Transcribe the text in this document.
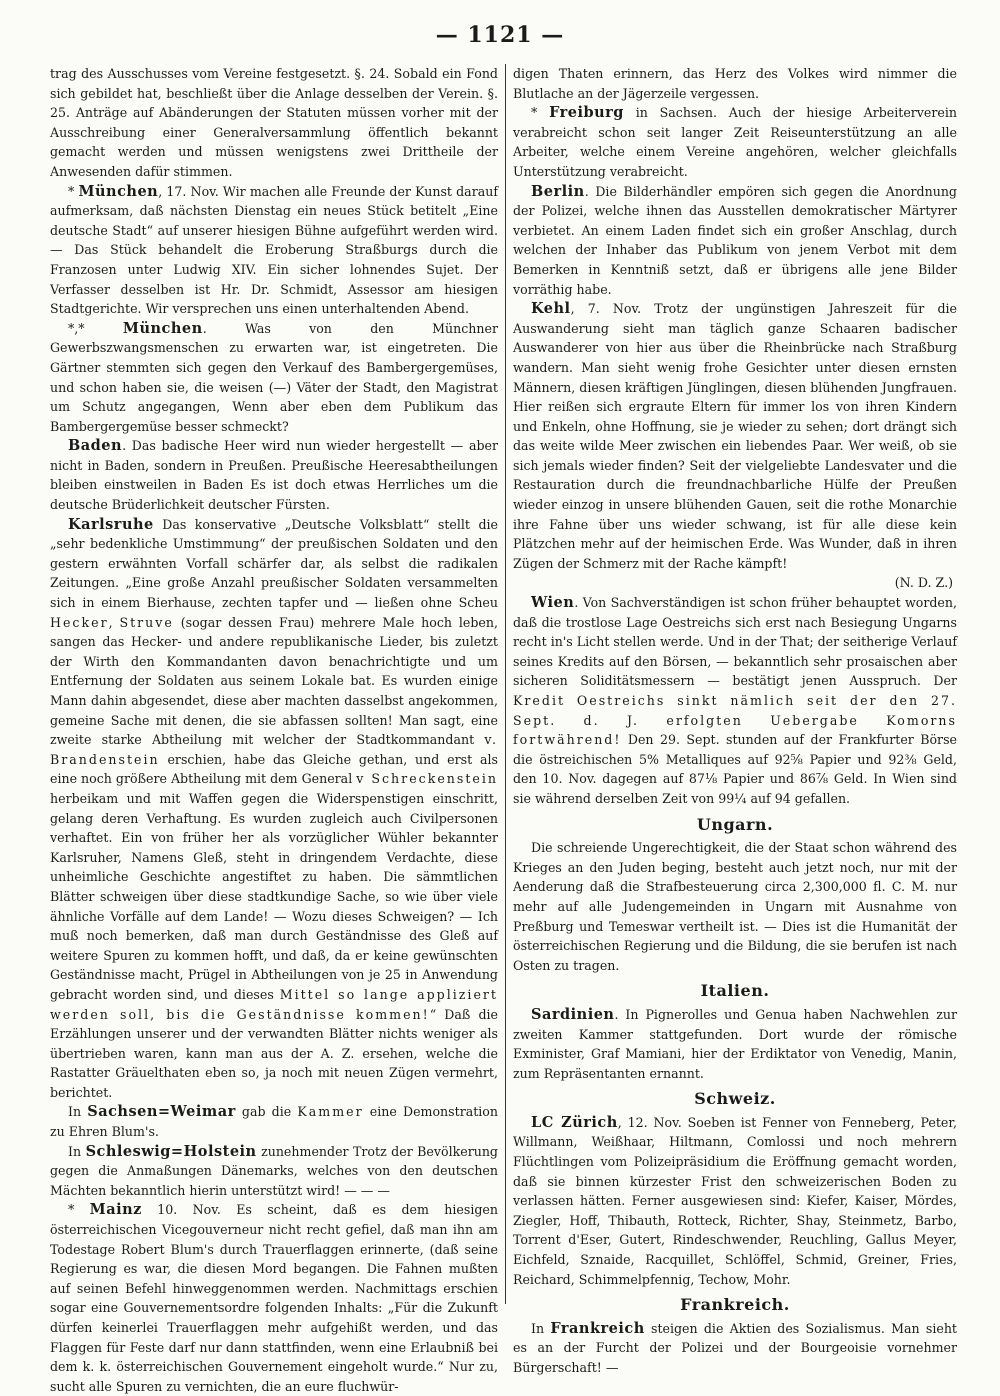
— 1121 —

trag des Ausschusses vom Vereine festgesetzt. §. 24. Sobald ein Fond sich gebildet hat, beschließt über die Anlage desselben der Verein. §. 25. Anträge auf Abänderungen der Statuten müssen vorher mit der Ausschreibung einer Generalversammlung öffentlich bekannt gemacht werden und müssen wenigstens zwei Drittheile der Anwesenden dafür stimmen.

* München, 17. Nov. Wir machen alle Freunde der Kunst darauf aufmerksam, daß nächsten Dienstag ein neues Stück betitelt „Eine deutsche Stadt“ auf unserer hiesigen Bühne aufgeführt werden wird. — Das Stück behandelt die Eroberung Straßburgs durch die Franzosen unter Ludwig XIV. Ein sicher lohnendes Sujet. Der Verfasser desselben ist Hr. Dr. Schmidt, Assessor am hiesigen Stadtgerichte. Wir versprechen uns einen unterhaltenden Abend.

*,* München. Was von den Münchner Gewerbszwangsmenschen zu erwarten war, ist eingetreten. Die Gärtner stemmten sich gegen den Verkauf des Bambergergemüses, und schon haben sie, die weisen (—) Väter der Stadt, den Magistrat um Schutz angegangen, Wenn aber eben dem Publikum das Bambergergemüse besser schmeckt?

Baden. Das badische Heer wird nun wieder hergestellt — aber nicht in Baden, sondern in Preußen. Preußische Heeresabtheilungen bleiben einstweilen in Baden Es ist doch etwas Herrliches um die deutsche Brüderlichkeit deutscher Fürsten.

Karlsruhe Das konservative „Deutsche Volksblatt“ stellt die „sehr bedenkliche Umstimmung“ der preußischen Soldaten und den gestern erwähnten Vorfall schärfer dar, als selbst die radikalen Zeitungen. „Eine große Anzahl preußischer Soldaten versammelten sich in einem Bierhause, zechten tapfer und — ließen ohne Scheu Hecker, Struve (sogar dessen Frau) mehrere Male hoch leben, sangen das Hecker- und andere republikanische Lieder, bis zuletzt der Wirth den Kommandanten davon benachrichtigte und um Entfernung der Soldaten aus seinem Lokale bat. Es wurden einige Mann dahin abgesendet, diese aber machten dasselbst angekommen, gemeine Sache mit denen, die sie abfassen sollten! Man sagt, eine zweite starke Abtheilung mit welcher der Stadtkommandant v. Brandenstein erschien, habe das Gleiche gethan, und erst als eine noch größere Abtheilung mit dem General v Schreckenstein herbeikam und mit Waffen gegen die Widerspenstigen einschritt, gelang deren Verhaftung. Es wurden zugleich auch Civilpersonen verhaftet. Ein von früher her als vorzüglicher Wühler bekannter Karlsruher, Namens Gleß, steht in dringendem Verdachte, diese unheimliche Geschichte angestiftet zu haben. Die sämmtlichen Blätter schweigen über diese stadtkundige Sache, so wie über viele ähnliche Vorfälle auf dem Lande! — Wozu dieses Schweigen? — Ich muß noch bemerken, daß man durch Geständnisse des Gleß auf weitere Spuren zu kommen hofft, und daß, da er keine gewünschten Geständnisse macht, Prügel in Abtheilungen von je 25 in Anwendung gebracht worden sind, und dieses Mittel so lange appliziert werden soll, bis die Geständnisse kommen!“ Daß die Erzählungen unserer und der verwandten Blätter nichts weniger als übertrieben waren, kann man aus der A. Z. ersehen, welche die Rastatter Gräuelthaten eben so, ja noch mit neuen Zügen vermehrt, berichtet.

In Sachsen=Weimar gab die Kammer eine Demonstration zu Ehren Blum's.

In Schleswig=Holstein zunehmender Trotz der Bevölkerung gegen die Anmaßungen Dänemarks, welches von den deutschen Mächten bekanntlich hierin unterstützt wird! — — —

* Mainz 10. Nov. Es scheint, daß es dem hiesigen österreichischen Vicegouverneur nicht recht gefiel, daß man ihn am Todestage Robert Blum's durch Trauerflaggen erinnerte, (daß seine Regierung es war, die diesen Mord begangen. Die Fahnen mußten auf seinen Befehl hinweggenommen werden. Nachmittags erschien sogar eine Gouvernementsordre folgenden Inhalts: „Für die Zukunft dürfen keinerlei Trauerflaggen mehr aufgehißt werden, und das Flaggen für Feste darf nur dann stattfinden, wenn eine Erlaubniß bei dem k. k. österreichischen Gouvernement eingeholt wurde.“ Nur zu, sucht alle Spuren zu vernichten, die an eure fluchwür-

digen Thaten erinnern, das Herz des Volkes wird nimmer die Blutlache an der Jägerzeile vergessen.

* Freiburg in Sachsen. Auch der hiesige Arbeiterverein verabreicht schon seit langer Zeit Reiseunterstützung an alle Arbeiter, welche einem Vereine angehören, welcher gleichfalls Unterstützung verabreicht.

Berlin. Die Bilderhändler empören sich gegen die Anordnung der Polizei, welche ihnen das Ausstellen demokratischer Märtyrer verbietet. An einem Laden findet sich ein großer Anschlag, durch welchen der Inhaber das Publikum von jenem Verbot mit dem Bemerken in Kenntniß setzt, daß er übrigens alle jene Bilder vorräthig habe.

Kehl, 7. Nov. Trotz der ungünstigen Jahreszeit für die Auswanderung sieht man täglich ganze Schaaren badischer Auswanderer von hier aus über die Rheinbrücke nach Straßburg wandern. Man sieht wenig frohe Gesichter unter diesen ernsten Männern, diesen kräftigen Jünglingen, diesen blühenden Jungfrauen. Hier reißen sich ergraute Eltern für immer los von ihren Kindern und Enkeln, ohne Hoffnung, sie je wieder zu sehen; dort drängt sich das weite wilde Meer zwischen ein liebendes Paar. Wer weiß, ob sie sich jemals wieder finden? Seit der vielgeliebte Landesvater und die Restauration durch die freundnachbarliche Hülfe der Preußen wieder einzog in unsere blühenden Gauen, seit die rothe Monarchie ihre Fahne über uns wieder schwang, ist für alle diese kein Plätzchen mehr auf der heimischen Erde. Was Wunder, daß in ihren Zügen der Schmerz mit der Rache kämpft!

(N. D. Z.)

Wien. Von Sachverständigen ist schon früher behauptet worden, daß die trostlose Lage Oestreichs sich erst nach Besiegung Ungarns recht in's Licht stellen werde. Und in der That; der seitherige Verlauf seines Kredits auf den Börsen, — bekanntlich sehr prosaischen aber sicheren Soliditätsmessern — bestätigt jenen Ausspruch. Der Kredit Oestreichs sinkt nämlich seit der den 27. Sept. d. J. erfolgten Uebergabe Komorns fortwährend! Den 29. Sept. stunden auf der Frankfurter Börse die östreichischen 5% Metalliques auf 92⅝ Papier und 92⅜ Geld, den 10. Nov. dagegen auf 87⅛ Papier und 86⅞ Geld. In Wien sind sie während derselben Zeit von 99¼ auf 94 gefallen.

Ungarn.

Die schreiende Ungerechtigkeit, die der Staat schon während des Krieges an den Juden beging, besteht auch jetzt noch, nur mit der Aenderung daß die Strafbesteuerung circa 2,300,000 fl. C. M. nur mehr auf alle Judengemeinden in Ungarn mit Ausnahme von Preßburg und Temeswar vertheilt ist. — Dies ist die Humanität der österreichischen Regierung und die Bildung, die sie berufen ist nach Osten zu tragen.

Italien.

Sardinien. In Pignerolles und Genua haben Nachwehlen zur zweiten Kammer stattgefunden. Dort wurde der römische Exminister, Graf Mamiani, hier der Erdiktator von Venedig, Manin, zum Repräsentanten ernannt.

Schweiz.

LC Zürich, 12. Nov. Soeben ist Fenner von Fenneberg, Peter, Willmann, Weißhaar, Hiltmann, Comlossi und noch mehrern Flüchtlingen vom Polizeipräsidium die Eröffnung gemacht worden, daß sie binnen kürzester Frist den schweizerischen Boden zu verlassen hätten. Ferner ausgewiesen sind: Kiefer, Kaiser, Mördes, Ziegler, Hoff, Thibauth, Rotteck, Richter, Shay, Steinmetz, Barbo, Torrent d'Eser, Gutert, Rindeschwender, Reuchling, Gallus Meyer, Eichfeld, Sznaide, Racquillet, Schlöffel, Schmid, Greiner, Fries, Reichard, Schimmelpfennig, Techow, Mohr.

Frankreich.

In Frankreich steigen die Aktien des Sozialismus. Man sieht es an der Furcht der Polizei und der Bourgeoisie vornehmer Bürgerschaft! —
